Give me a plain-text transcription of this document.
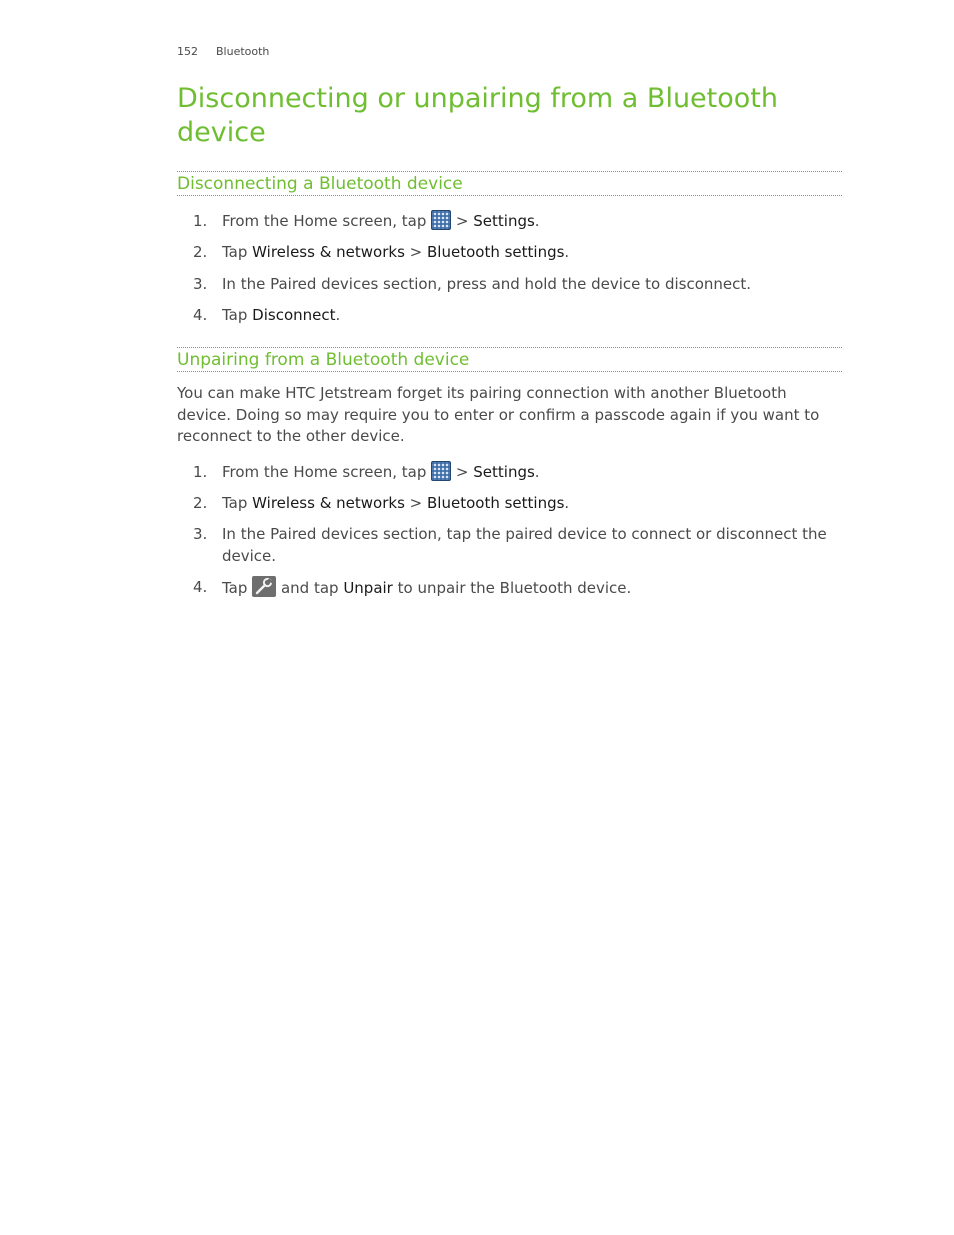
152 Bluetooth
Disconnecting or unpairing from a Bluetooth device
Disconnecting a Bluetooth device
1. From the Home screen, tap  > Settings.
2. Tap Wireless & networks > Bluetooth settings.
3. In the Paired devices section, press and hold the device to disconnect.
4. Tap Disconnect.
Unpairing from a Bluetooth device

You can make HTC Jetstream forget its pairing connection with another Bluetooth device. Doing so may require you to enter or confirm a passcode again if you want to reconnect to the other device.

1. From the Home screen, tap  > Settings.
2. Tap Wireless & networks > Bluetooth settings.
3. In the Paired devices section, tap the paired device to connect or disconnect the device.
4. Tap  and tap Unpair to unpair the Bluetooth device.
